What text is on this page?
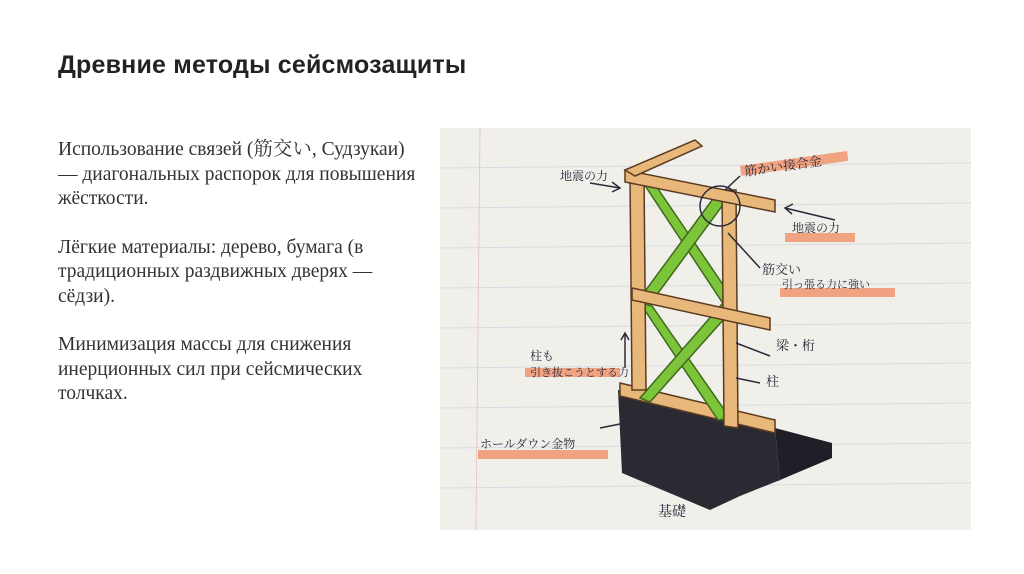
Древние методы сейсмозащиты

Использование связей (筋交い, Судзукаи) — диагональных распорок для повышения жёсткости.

Лёгкие материалы: дерево, бумага (в традиционных раздвижных дверях — сёдзи).

Минимизация массы для снижения инерционных сил при сейсмических толчках.

筋かい接合金
地震の力
地震の力
筋交い
引っ張る力に強い
梁・桁
柱も
引き抜こうとする力
柱
ホールダウン金物
土台
基礎
